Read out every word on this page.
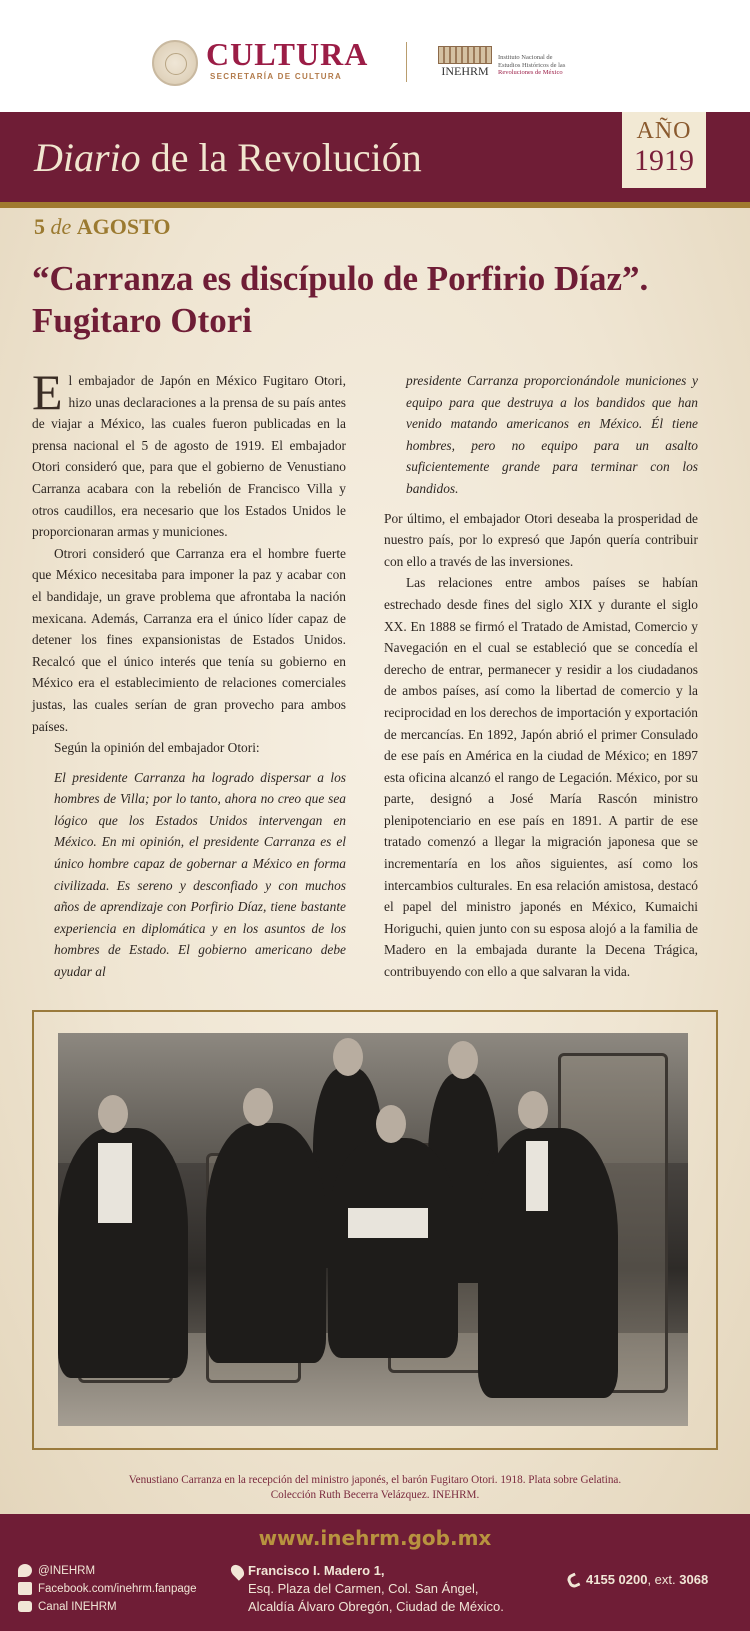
CULTURA
SECRETARÍA DE CULTURA	INEHRM
Instituto Nacional de
Estudios Históricos de las
Revoluciones de México
Diario de la Revolución
AÑO
1919
5 de AGOSTO
“Carranza es discípulo de Porfirio Díaz”. Fugitaro Otori

El embajador de Japón en México Fugitaro Otori, hizo unas declaraciones a la prensa de su país antes de viajar a México, las cuales fueron publicadas en la prensa nacional el 5 de agosto de 1919. El embajador Otori consideró que, para que el gobierno de Venustiano Carranza acabara con la rebelión de Francisco Villa y otros caudillos, era necesario que los Estados Unidos le proporcionaran armas y municiones.

Otrori consideró que Carranza era el hombre fuerte que México necesitaba para imponer la paz y acabar con el bandidaje, un grave problema que afrontaba la nación mexicana. Además, Carranza era el único líder capaz de detener los fines expansionistas de Estados Unidos. Recalcó que el único interés que tenía su gobierno en México era el establecimiento de relaciones comerciales justas, las cuales serían de gran provecho para ambos países.

Según la opinión del embajador Otori:

El presidente Carranza ha logrado dispersar a los hombres de Villa; por lo tanto, ahora no creo que sea lógico que los Estados Unidos intervengan en México. En mi opinión, el presidente Carranza es el único hombre capaz de gobernar a México en forma civilizada. Es sereno y desconfiado y con muchos años de aprendizaje con Porfirio Díaz, tiene bastante experiencia en diplomática y en los asuntos de los hombres de Estado. El gobierno americano debe ayudar al

presidente Carranza proporcionándole municiones y equipo para que destruya a los bandidos que han venido matando americanos en México. Él tiene hombres, pero no equipo para un asalto suficientemente grande para terminar con los bandidos.

Por último, el embajador Otori deseaba la prosperidad de nuestro país, por lo expresó que Japón quería contribuir con ello a través de las inversiones.

Las relaciones entre ambos países se habían estrechado desde fines del siglo XIX y durante el siglo XX. En 1888 se firmó el Tratado de Amistad, Comercio y Navegación en el cual se estableció que se concedía el derecho de entrar, permanecer y residir a los ciudadanos de ambos países, así como la libertad de comercio y la reciprocidad en los derechos de importación y exportación de mercancías. En 1892, Japón abrió el primer Consulado de ese país en América en la ciudad de México; en 1897 esta oficina alcanzó el rango de Legación. México, por su parte, designó a José María Rascón ministro plenipotenciario en ese país en 1891. A partir de ese tratado comenzó a llegar la migración japonesa que se incrementaría en los años siguientes, así como los intercambios culturales. En esa relación amistosa, destacó el papel del ministro japonés en México, Kumaichi Horiguchi, quien junto con su esposa alojó a la familia de Madero en la embajada durante la Decena Trágica, contribuyendo con ello a que salvaran la vida.

Venustiano Carranza en la recepción del ministro japonés, el barón Fugitaro Otori. 1918. Plata sobre Gelatina.
Colección Ruth Becerra Velázquez. INEHRM.
www.inehrm.gob.mx
@INEHRM
Facebook.com/inehrm.fanpage
Canal INEHRM
Francisco I. Madero 1,
Esq. Plaza del Carmen, Col. San Ángel,
Alcaldía Álvaro Obregón, Ciudad de México.
4155 0200, ext. 3068
